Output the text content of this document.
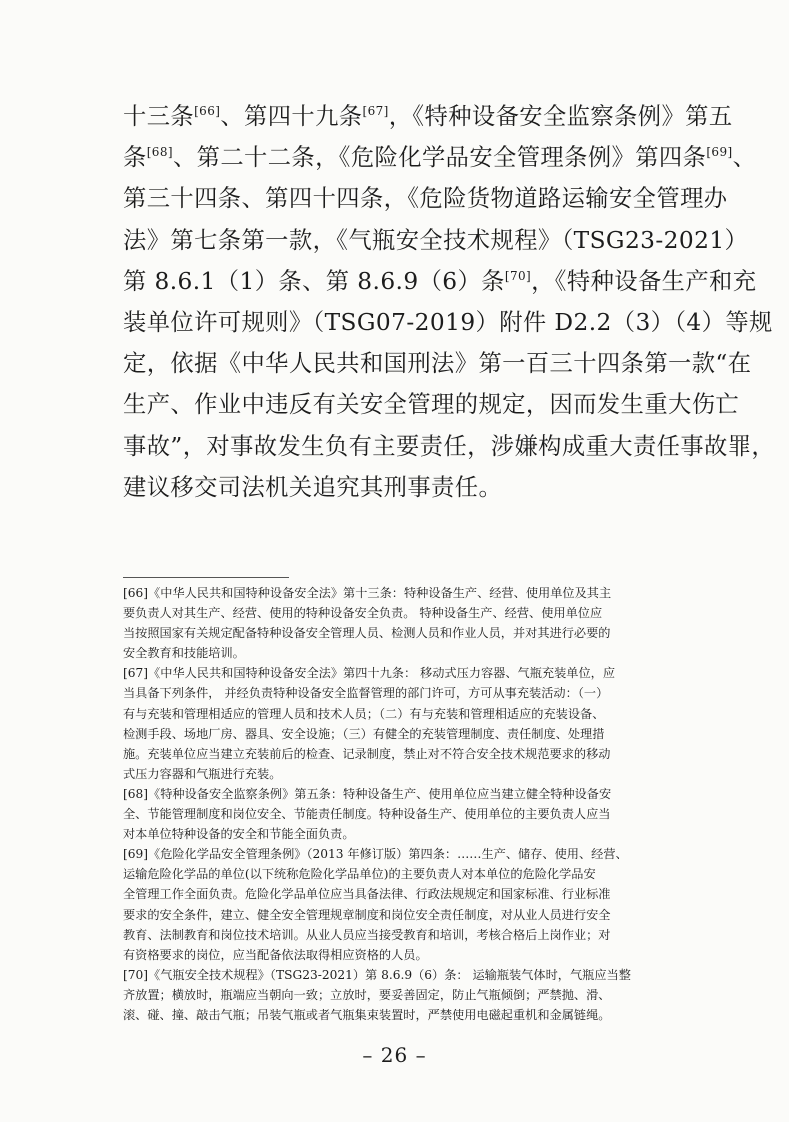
十三条[66]、第四十九条[67]，《特种设备安全监察条例》第五
条[68]、第二十二条，《危险化学品安全管理条例》第四条[69]、
第三十四条、第四十四条，《危险货物道路运输安全管理办
法》第七条第一款，《气瓶安全技术规程》（TSG23-2021）
第 8.6.1（1）条、第 8.6.9（6）条[70]，《特种设备生产和充
装单位许可规则》（TSG07-2019）附件 D2.2（3）（4）等规
定，依据《中华人民共和国刑法》第一百三十四条第一款“在
生产、作业中违反有关安全管理的规定，因而发生重大伤亡
事故”，对事故发生负有主要责任，涉嫌构成重大责任事故罪，
建议移交司法机关追究其刑事责任。
[66]《中华人民共和国特种设备安全法》第十三条：特种设备生产、经营、使用单位及其主
要负责人对其生产、经营、使用的特种设备安全负责。 特种设备生产、经营、使用单位应
当按照国家有关规定配备特种设备安全管理人员、检测人员和作业人员，并对其进行必要的
安全教育和技能培训。
[67]《中华人民共和国特种设备安全法》第四十九条： 移动式压力容器、气瓶充装单位，应
当具备下列条件， 并经负责特种设备安全监督管理的部门许可，方可从事充装活动：（一）
有与充装和管理相适应的管理人员和技术人员；（二）有与充装和管理相适应的充装设备、
检测手段、场地厂房、器具、安全设施；（三）有健全的充装管理制度、责任制度、处理措
施。充装单位应当建立充装前后的检查、记录制度，禁止对不符合安全技术规范要求的移动
式压力容器和气瓶进行充装。
[68]《特种设备安全监察条例》第五条：特种设备生产、使用单位应当建立健全特种设备安
全、节能管理制度和岗位安全、节能责任制度。特种设备生产、使用单位的主要负责人应当
对本单位特种设备的安全和节能全面负责。
[69]《危险化学品安全管理条例》（2013 年修订版）第四条：……生产、储存、使用、经营、
运输危险化学品的单位(以下统称危险化学品单位)的主要负责人对本单位的危险化学品安
全管理工作全面负责。危险化学品单位应当具备法律、行政法规规定和国家标准、行业标准
要求的安全条件，建立、健全安全管理规章制度和岗位安全责任制度，对从业人员进行安全
教育、法制教育和岗位技术培训。从业人员应当接受教育和培训，考核合格后上岗作业；对
有资格要求的岗位，应当配备依法取得相应资格的人员。
[70]《气瓶安全技术规程》（TSG23-2021）第 8.6.9（6）条： 运输瓶装气体时，气瓶应当整
齐放置；横放时，瓶端应当朝向一致；立放时，要妥善固定，防止气瓶倾倒；严禁抛、滑、
滚、碰、撞、敲击气瓶；吊装气瓶或者气瓶集束装置时，严禁使用电磁起重机和金属链绳。
– 26 –
